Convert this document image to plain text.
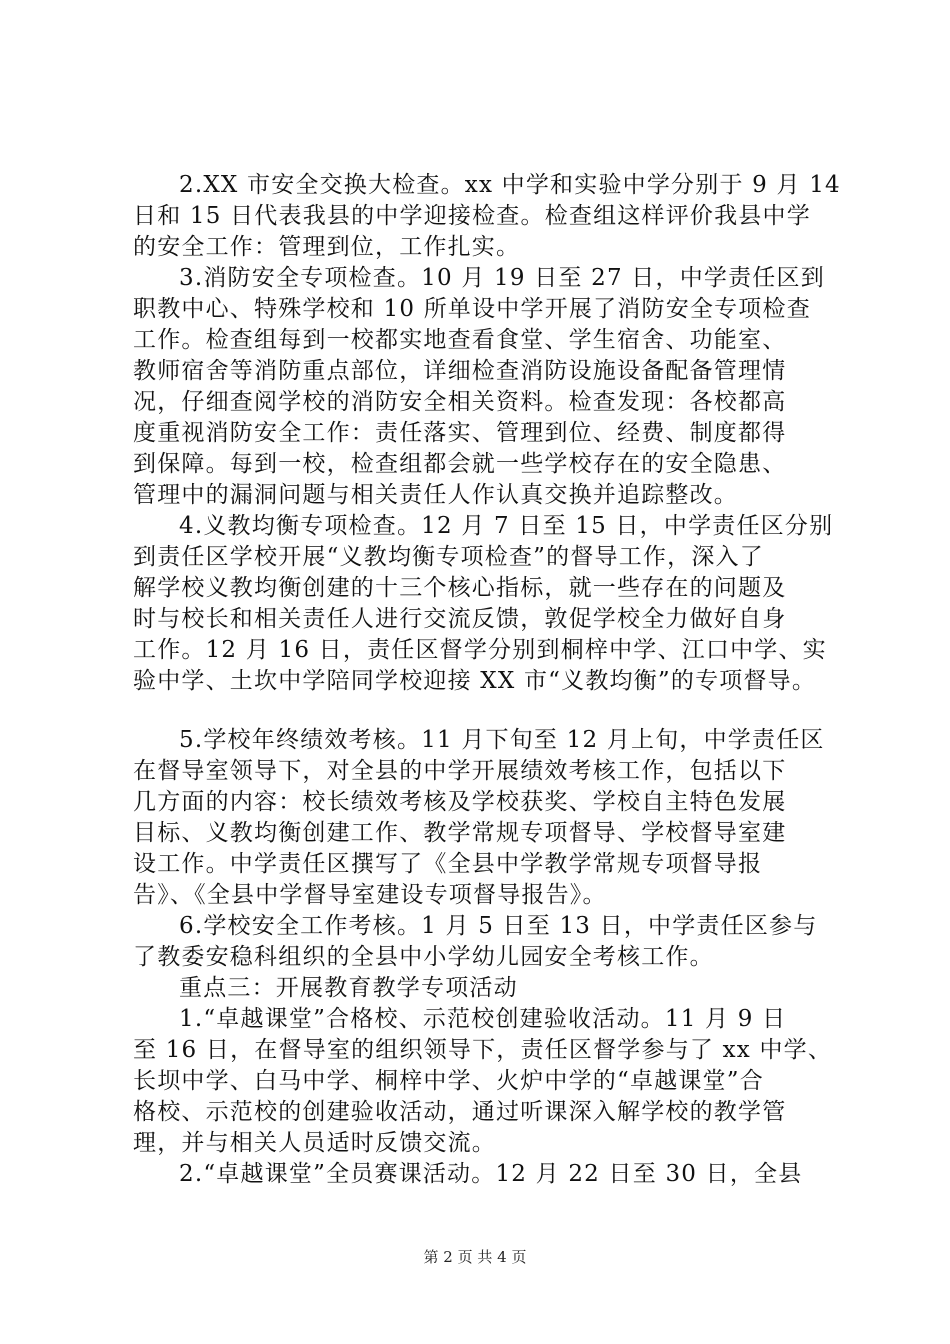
2.XX 市安全交换大检查。xx 中学和实验中学分别于 9 月 14
日和 15 日代表我县的中学迎接检查。检查组这样评价我县中学
的安全工作：管理到位，工作扎实。
3.消防安全专项检查。10 月 19 日至 27 日，中学责任区到
职教中心、特殊学校和 10 所单设中学开展了消防安全专项检查
工作。检查组每到一校都实地查看食堂、学生宿舍、功能室、
教师宿舍等消防重点部位，详细检查消防设施设备配备管理情
况，仔细查阅学校的消防安全相关资料。检查发现：各校都高
度重视消防安全工作：责任落实、管理到位、经费、制度都得
到保障。每到一校，检查组都会就一些学校存在的安全隐患、
管理中的漏洞问题与相关责任人作认真交换并追踪整改。
4.义教均衡专项检查。12 月 7 日至 15 日，中学责任区分别
到责任区学校开展“义教均衡专项检查”的督导工作，深入了
解学校义教均衡创建的十三个核心指标，就一些存在的问题及
时与校长和相关责任人进行交流反馈，敦促学校全力做好自身
工作。12 月 16 日，责任区督学分别到桐梓中学、江口中学、实
验中学、土坎中学陪同学校迎接 XX 市“义教均衡”的专项督导。
5.学校年终绩效考核。11 月下旬至 12 月上旬，中学责任区
在督导室领导下，对全县的中学开展绩效考核工作，包括以下
几方面的内容：校长绩效考核及学校获奖、学校自主特色发展
目标、义教均衡创建工作、教学常规专项督导、学校督导室建
设工作。中学责任区撰写了《全县中学教学常规专项督导报
告》、《全县中学督导室建设专项督导报告》。
6.学校安全工作考核。1 月 5 日至 13 日，中学责任区参与
了教委安稳科组织的全县中小学幼儿园安全考核工作。
重点三：开展教育教学专项活动
1.“卓越课堂”合格校、示范校创建验收活动。11 月 9 日
至 16 日，在督导室的组织领导下，责任区督学参与了 xx 中学、
长坝中学、白马中学、桐梓中学、火炉中学的“卓越课堂”合
格校、示范校的创建验收活动，通过听课深入解学校的教学管
理，并与相关人员适时反馈交流。
2.“卓越课堂”全员赛课活动。12 月 22 日至 30 日，全县
第 2 页 共 4 页
